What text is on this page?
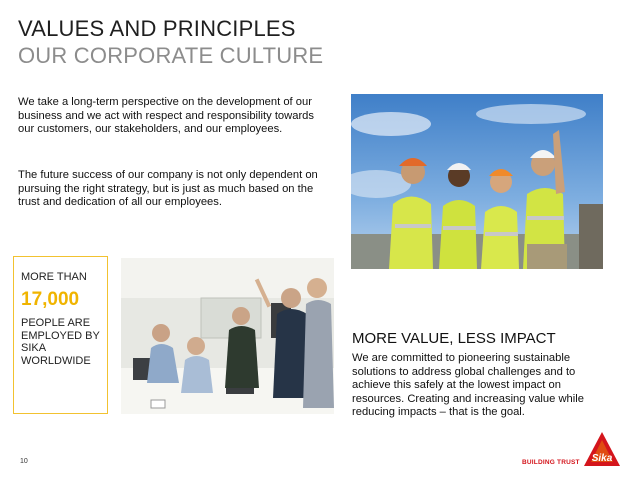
VALUES AND PRINCIPLES
OUR CORPORATE CULTURE

We take a long-term perspective on the development of our business and we act with respect and responsibility towards our customers, our stakeholders, and our employees.

The future success of our company is not only dependent on pursuing the right strategy, but is just as much based on the trust and dedication of all our employees.

MORE THAN
17,000
PEOPLE ARE EMPLOYED BY SIKA WORLDWIDE
MORE VALUE, LESS IMPACT

We are committed to pioneering sustainable solutions to address global challenges and to achieve this safely at the lowest impact on resources. Creating and increasing value while reducing impacts – that is the goal.

10	BUILDING TRUST Sika
